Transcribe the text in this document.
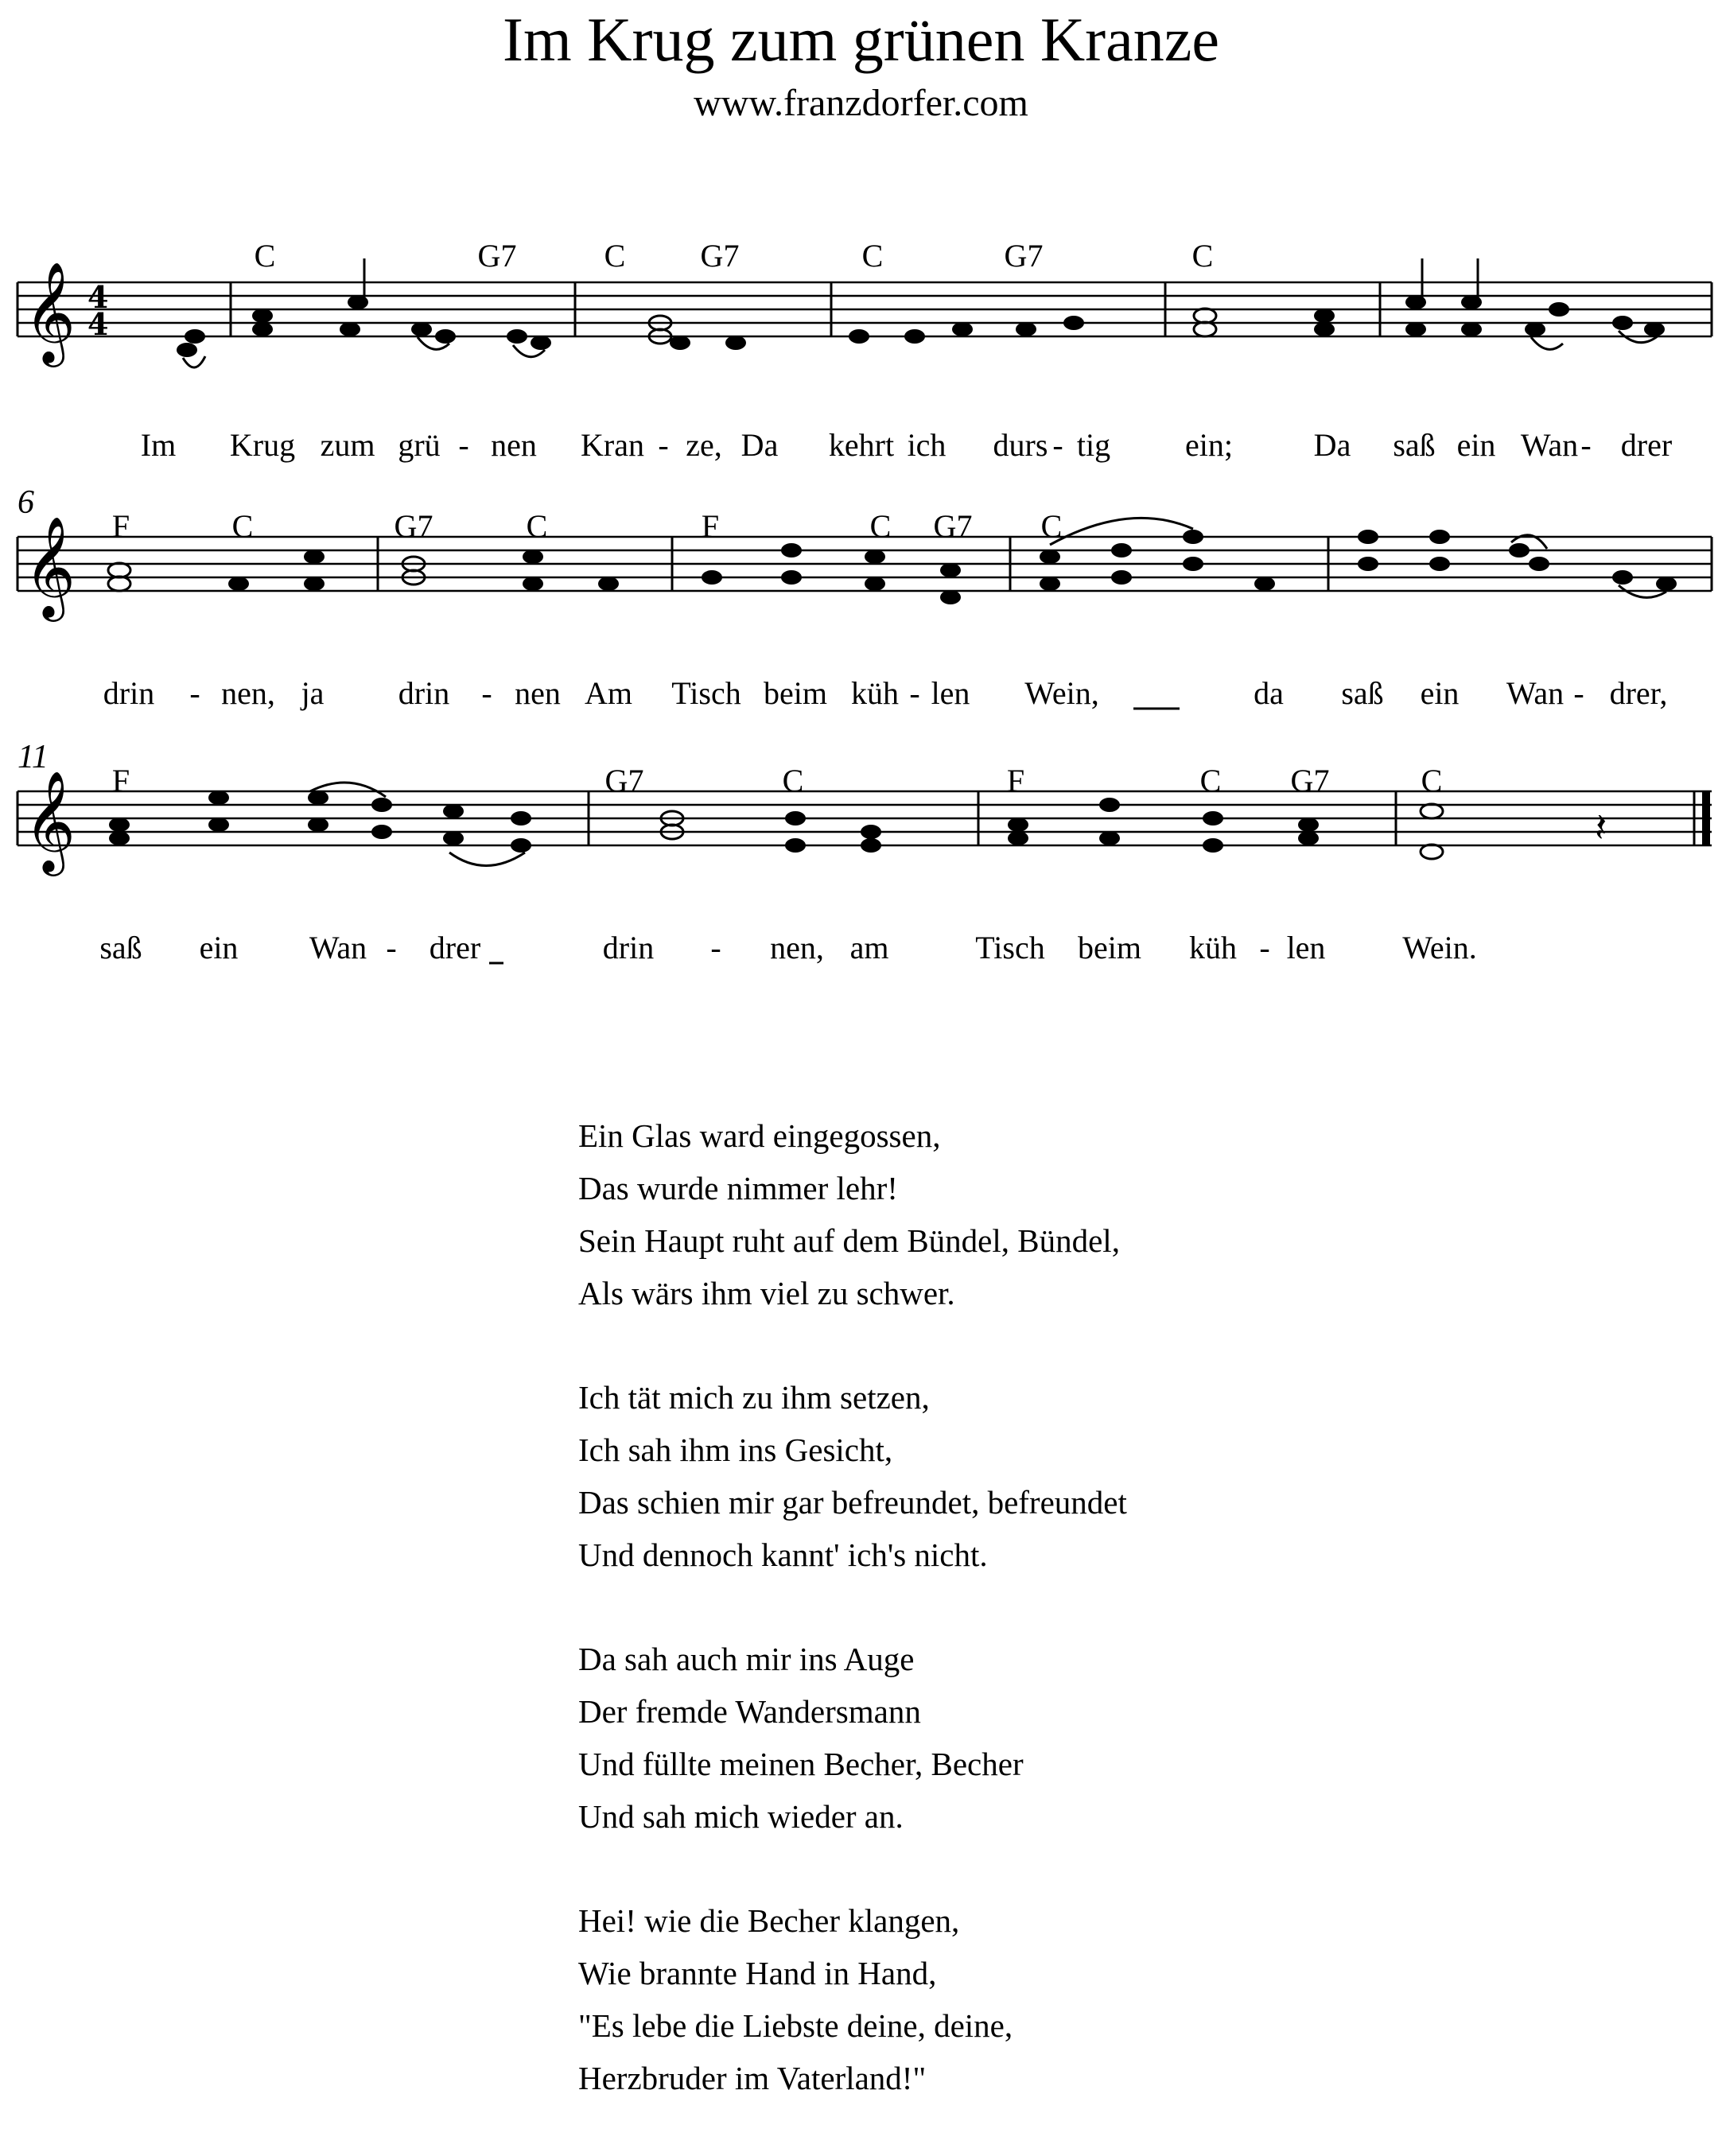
Im Krug zum grünen Kranze
www.franzdorfer.com
𝄞 4
4
C	G7	C G7	C	G7	C
Im Krug zum grü - nen Kran - ze, Da kehrt ich durs - tig ein;	Da saß ein Wan - drer
𝄞
6
F	C	G7	C	F	C G7 C
drin - nen, ja drin - nen Am Tisch beim küh - len Wein,	da saß ein Wan - drer,
𝄞	𝄽
11
F	G7	C	F	C G7	C
saß ein Wan - drer	drin - nen, am	Tisch beim küh - len Wein.
Ein Glas ward eingegossen,
Das wurde nimmer lehr!
Sein Haupt ruht auf dem Bündel, Bündel,
Als wärs ihm viel zu schwer.
Ich tät mich zu ihm setzen,
Ich sah ihm ins Gesicht,
Das schien mir gar befreundet, befreundet
Und dennoch kannt' ich's nicht.
Da sah auch mir ins Auge
Der fremde Wandersmann
Und füllte meinen Becher, Becher
Und sah mich wieder an.
Hei! wie die Becher klangen,
Wie brannte Hand in Hand,
"Es lebe die Liebste deine, deine,
Herzbruder im Vaterland!"
